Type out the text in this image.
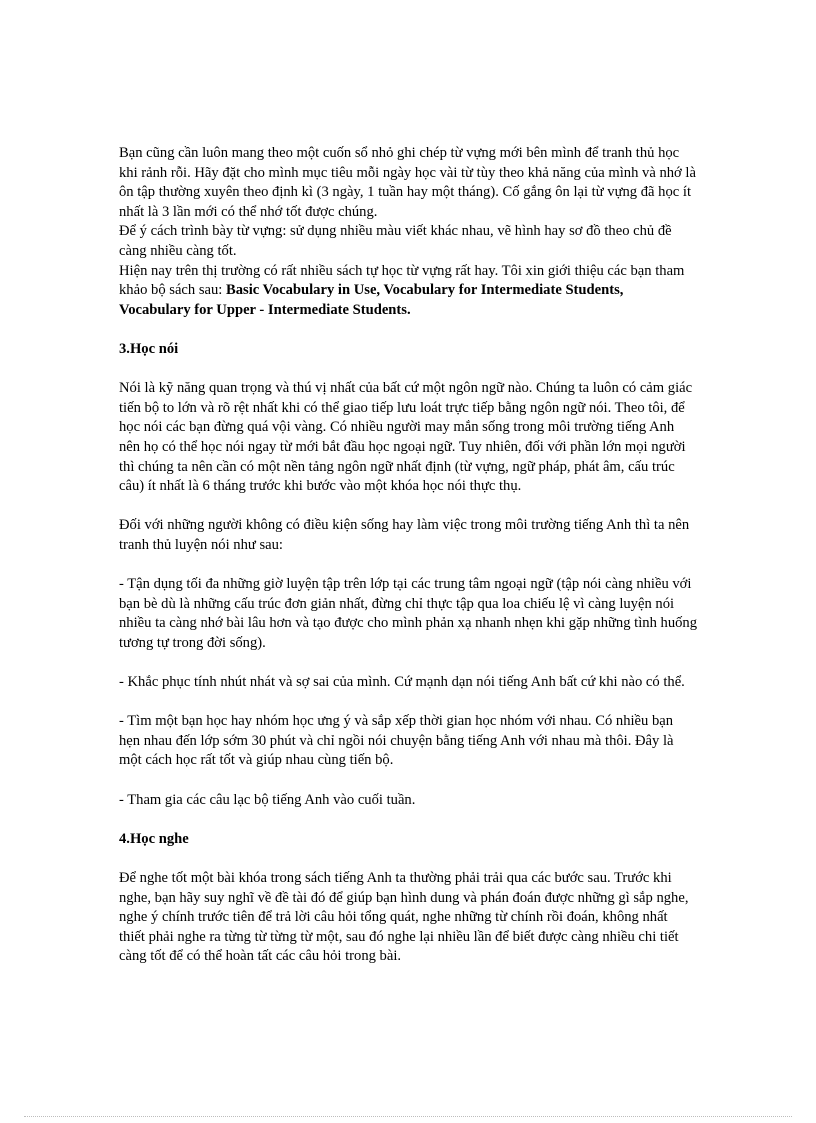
Bạn cũng cần luôn mang theo một cuốn sổ nhỏ ghi chép từ vựng mới bên mình để tranh thủ học khi rảnh rỗi. Hãy đặt cho mình mục tiêu mỗi ngày học vài từ tùy theo khả năng của mình và nhớ là ôn tập thường xuyên theo định kì (3 ngày, 1 tuần hay một tháng). Cố gắng ôn lại từ vựng đã học ít nhất là 3 lần mới có thể nhớ tốt được chúng.

Để ý cách trình bày từ vựng: sử dụng nhiều màu viết khác nhau, vẽ hình hay sơ đồ theo chủ đề càng nhiều càng tốt.

Hiện nay trên thị trường có rất nhiều sách tự học từ vựng rất hay. Tôi xin giới thiệu các bạn tham khảo bộ sách sau: Basic Vocabulary in Use, Vocabulary for Intermediate Students, Vocabulary for Upper - Intermediate Students.

3.Học nói

Nói là kỹ năng quan trọng và thú vị nhất của bất cứ một ngôn ngữ nào. Chúng ta luôn có cảm giác tiến bộ to lớn và rõ rệt nhất khi có thể giao tiếp lưu loát trực tiếp bằng ngôn ngữ nói. Theo tôi, để học nói các bạn đừng quá vội vàng. Có nhiều người may mắn sống trong môi trường tiếng Anh nên họ có thể học nói ngay từ mới bắt đầu học ngoại ngữ. Tuy nhiên, đối với phần lớn mọi người thì chúng ta nên cần có một nền tảng ngôn ngữ nhất định (từ vựng, ngữ pháp, phát âm, cấu trúc câu) ít nhất là 6 tháng trước khi bước vào một khóa học nói thực thụ.

Đối với những người không có điều kiện sống hay làm việc trong môi trường tiếng Anh thì ta nên tranh thủ luyện nói như sau:

- Tận dụng tối đa những giờ luyện tập trên lớp tại các trung tâm ngoại ngữ (tập nói càng nhiều với bạn bè dù là những cấu trúc đơn giản nhất, đừng chỉ thực tập qua loa chiếu lệ vì càng luyện nói nhiều ta càng nhớ bài lâu hơn và tạo được cho mình phản xạ nhanh nhẹn khi gặp những tình huống tương tự trong đời sống).

- Khắc phục tính nhút nhát và sợ sai của mình. Cứ mạnh dạn nói tiếng Anh bất cứ khi nào có thể.

- Tìm một bạn học hay nhóm học ưng ý và sắp xếp thời gian học nhóm với nhau. Có nhiều bạn hẹn nhau đến lớp sớm 30 phút và chỉ ngồi nói chuyện bằng tiếng Anh với nhau mà thôi. Đây là một cách học rất tốt và giúp nhau cùng tiến bộ.

- Tham gia các câu lạc bộ tiếng Anh vào cuối tuần.

4.Học nghe

Để nghe tốt một bài khóa trong sách tiếng Anh ta thường phải trải qua các bước sau. Trước khi nghe, bạn hãy suy nghĩ về đề tài đó để giúp bạn hình dung và phán đoán được những gì sắp nghe, nghe ý chính trước tiên để trả lời câu hỏi tổng quát, nghe những từ chính rồi đoán, không nhất thiết phải nghe ra từng từ từng từ một, sau đó nghe lại nhiều lần để biết được càng nhiều chi tiết càng tốt để có thể hoàn tất các câu hỏi trong bài.
